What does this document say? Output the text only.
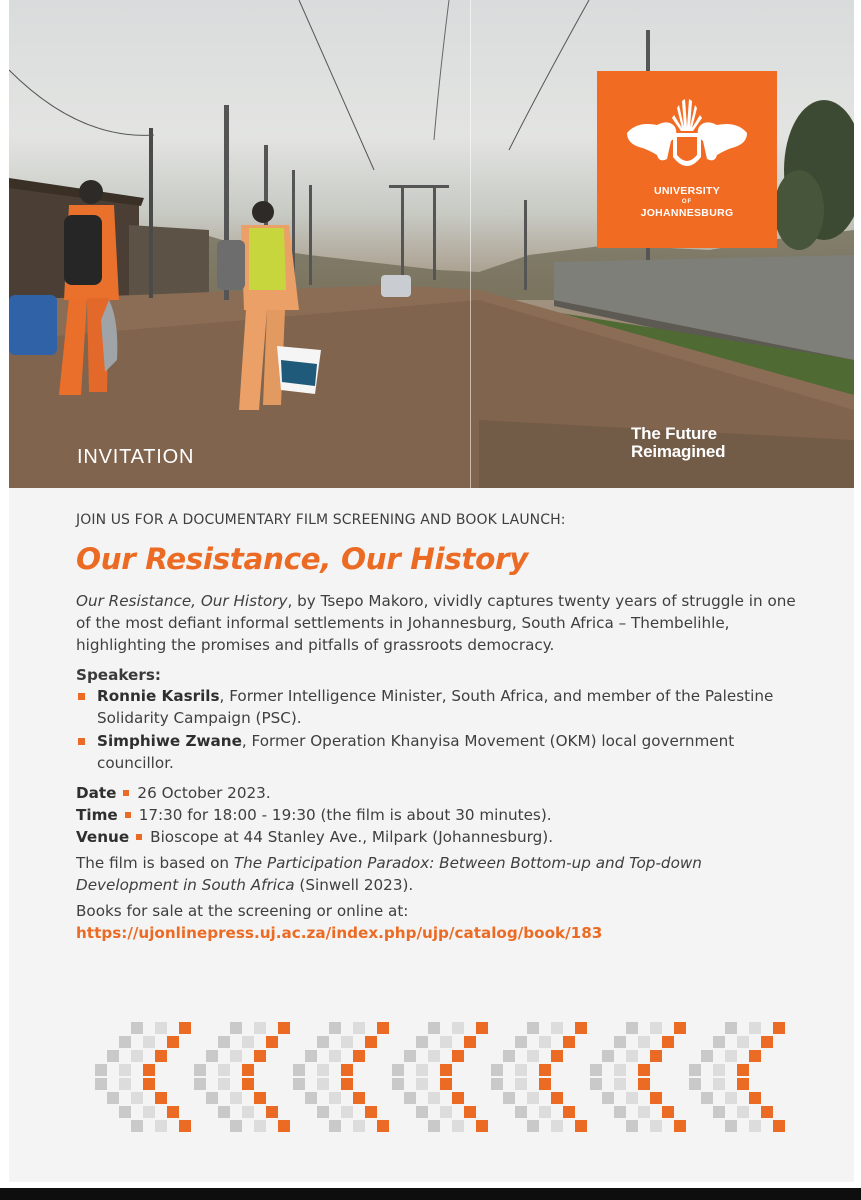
UNIVERSITY
OF
JOHANNESBURG
INVITATION
The Future
Reimagined
JOIN US FOR A DOCUMENTARY FILM SCREENING AND BOOK LAUNCH:
Our Resistance, Our History
Our Resistance, Our History, by Tsepo Makoro, vividly captures twenty years of struggle in one of the most defiant informal settlements in Johannesburg, South Africa – Thembelihle, highlighting the promises and pitfalls of grassroots democracy.
Speakers:
Ronnie Kasrils, Former Intelligence Minister, South Africa, and member of the Palestine Solidarity Campaign (PSC).
Simphiwe Zwane, Former Operation Khanyisa Movement (OKM) local government councillor.
Date 26 October 2023.
Time 17:30 for 18:00 - 19:30 (the film is about 30 minutes).
Venue Bioscope at 44 Stanley Ave., Milpark (Johannesburg).
The film is based on The Participation Paradox: Between Bottom-up and Top-down Development in South Africa (Sinwell 2023).
Books for sale at the screening or online at: https://ujonlinepress.uj.ac.za/index.php/ujp/catalog/book/183
